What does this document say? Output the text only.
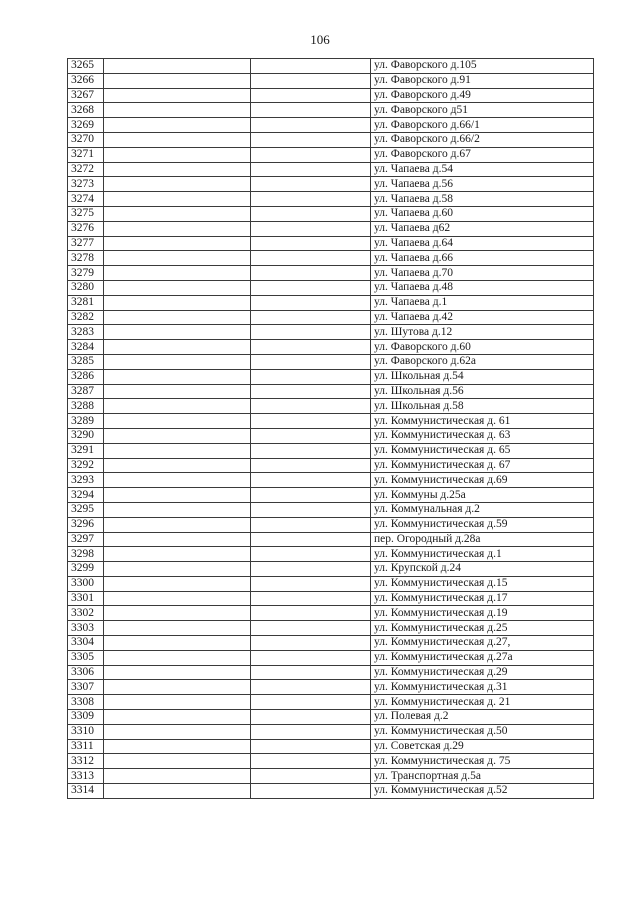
106
3265			ул. Фаворского д.105
3266			ул. Фаворского д.91
3267			ул. Фаворского д.49
3268			ул. Фаворского д51
3269			ул. Фаворского д.66/1
3270			ул. Фаворского д.66/2
3271			ул. Фаворского д.67
3272			ул. Чапаева д.54
3273			ул. Чапаева д.56
3274			ул. Чапаева д.58
3275			ул. Чапаева д.60
3276			ул. Чапаева д62
3277			ул. Чапаева д.64
3278			ул. Чапаева д.66
3279			ул. Чапаева д.70
3280			ул. Чапаева д.48
3281			ул. Чапаева д.1
3282			ул. Чапаева д.42
3283			ул. Шутова д.12
3284			ул. Фаворского д.60
3285			ул. Фаворского д.62а
3286			ул. Школьная д.54
3287			ул. Школьная д.56
3288			ул. Школьная д.58
3289			ул. Коммунистическая д. 61
3290			ул. Коммунистическая д. 63
3291			ул. Коммунистическая д. 65
3292			ул. Коммунистическая д. 67
3293			ул. Коммунистическая д.69
3294			ул. Коммуны д.25а
3295			ул. Коммунальная д.2
3296			ул. Коммунистическая д.59
3297			пер. Огородный д.28а
3298			ул. Коммунистическая д.1
3299			ул. Крупской д.24
3300			ул. Коммунистическая д.15
3301			ул. Коммунистическая д.17
3302			ул. Коммунистическая д.19
3303			ул. Коммунистическая д.25
3304			ул. Коммунистическая д.27,
3305			ул. Коммунистическая д.27а
3306			ул. Коммунистическая д.29
3307			ул. Коммунистическая д.31
3308			ул. Коммунистическая д. 21
3309			ул. Полевая д.2
3310			ул. Коммунистическая д.50
3311			ул. Советская д.29
3312			ул. Коммунистическая д. 75
3313			ул. Транспортная д.5а
3314			ул. Коммунистическая д.52
